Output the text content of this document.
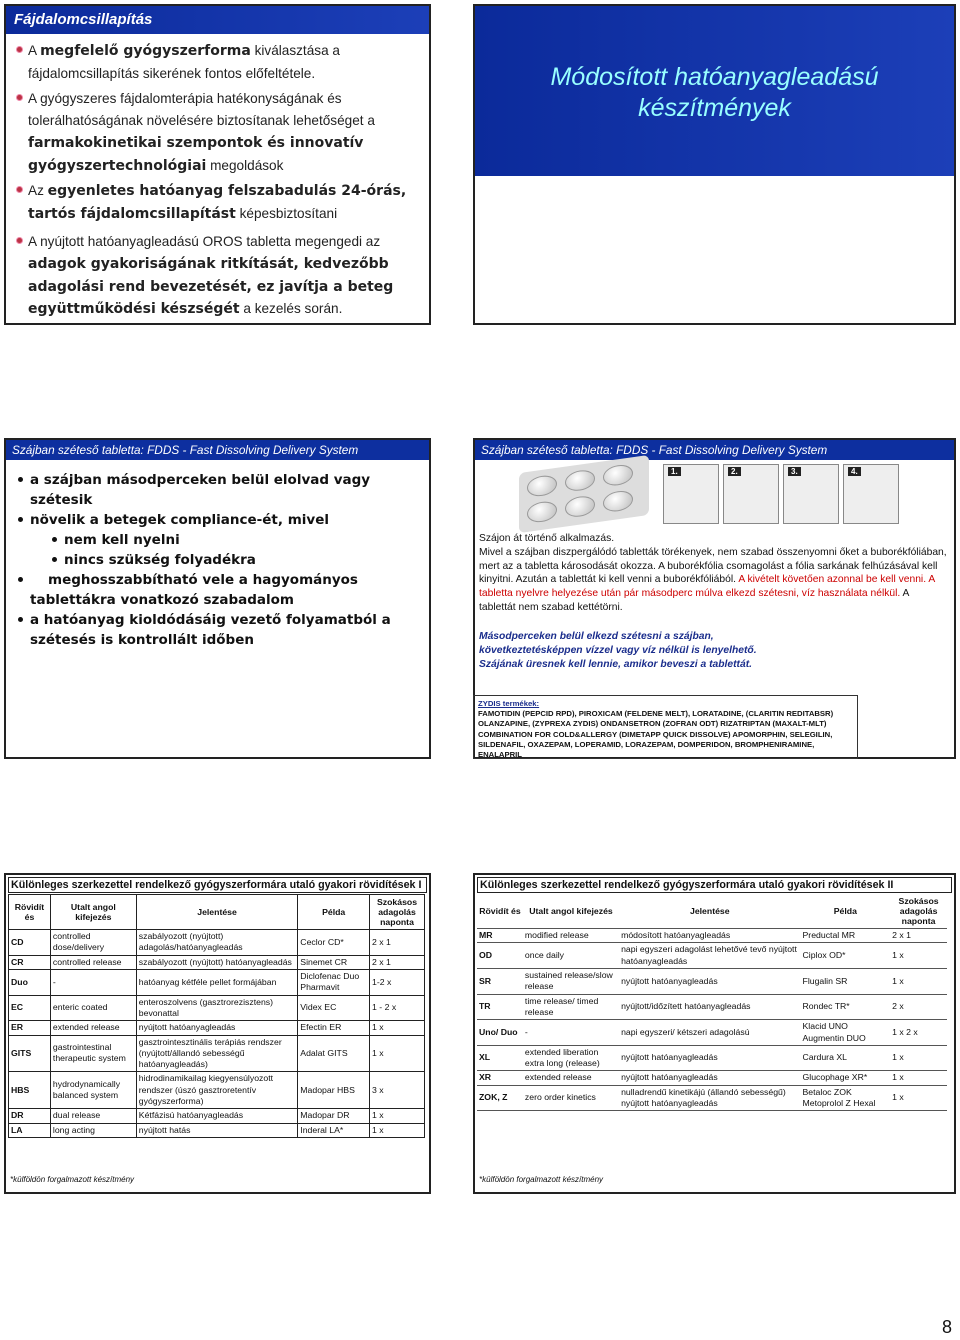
Fájdalomcsillapítás
A megfelelő gyógyszerforma kiválasztása a fájdalomcsillapítás sikerének fontos előfeltétele.
A gyógyszeres fájdalomterápia hatékonyságának és tolerálhatóságának növelésére biztosítanak lehetőséget a farmakokinetikai szempontok és innovatív gyógyszertechnológiai megoldások
Az egyenletes hatóanyag felszabadulás 24-órás, tartós fájdalomcsillapítást képesbiztosítani
A nyújtott hatóanyagleadású OROS tabletta megengedi az adagok gyakoriságának ritkítását, kedvezőbb adagolási rend bevezetését, ez javítja a beteg együttműködési készségét a kezelés során.
Módosított hatóanyagleadású készítmények
Szájban széteső tabletta: FDDS - Fast Dissolving Delivery System
a szájban másodperceken belül elolvad vagy
szétesik
növelik a betegek compliance-ét, mivel
nem kell nyelni
nincs szükség folyadékra
meghosszabbítható vele a hagyományos
tablettákra vonatkozó szabadalom
a hatóanyag kioldódásáig vezető folyamatból a
szétesés is kontrollált időben
Szájban széteső tabletta: FDDS - Fast Dissolving Delivery System
1.	2.	3.	4.
Szájon át történő alkalmazás.
Mivel a szájban diszpergálódó tabletták törékenyek, nem szabad összenyomni őket a buborékfóliában, mert az a tabletta károsodását okozza. A buborékfólia csomagolást a fólia sarkának felhúzásával kell kinyitni. Azután a tablettát ki kell venni a buborékfóliából. A kivételt követően azonnal be kell venni. A tabletta nyelvre helyezése után pár másodperc múlva elkezd szétesni, víz használata nélkül. A tablettát nem szabad kettétörni.
Másodperceken belül elkezd szétesni a szájban,
következtetésképpen vízzel vagy víz nélkül is lenyelhető.
Szájának üresnek kell lennie, amikor beveszi a tablettát.
ZYDIS termékek:
FAMOTIDIN (PEPCID RPD), PIROXICAM (FELDENE MELT), LORATADINE, (CLARITIN REDITABSR) OLANZAPINE, (ZYPREXA ZYDIS) ONDANSETRON (ZOFRAN ODT) RIZATRIPTAN (MAXALT-MLT) COMBINATION FOR COLD&ALLERGY (DIMETAPP QUICK DISSOLVE) APOMORPHIN, SELEGILIN, SILDENAFIL, OXAZEPAM, LOPERAMID, LORAZEPAM, DOMPERIDON, BROMPHENIRAMINE, ENALAPRIL
Különleges szerkezettel rendelkező gyógyszerformára utaló gyakori rövidítések I
Rövidít és	Utalt angol kifejezés	Jelentése	Példa	Szokásos adagolás naponta
CD	controlled dose/delivery	szabályozott (nyújtott) adagolás/hatóanyagleadás	Ceclor CD*	2 x 1
CR	controlled release	szabályozott (nyújtott) hatóanyagleadás	Sinemet CR	2 x 1
Duo	-	hatóanyag kétféle pellet formájában	Diclofenac Duo Pharmavit	1-2 x
EC	enteric coated	enteroszolvens (gasztrorezisztens) bevonattal	Videx EC	1 - 2 x
ER	extended release	nyújtott hatóanyagleadás	Efectin ER	1 x
GITS	gastrointestinal therapeutic system	gasztrointesztinális terápiás rendszer (nyújtott/állandó sebességű hatóanyagleadás)	Adalat GITS	1 x
HBS	hydrodynamically balanced system	hidrodinamikailag kiegyensúlyozott rendszer (úszó gasztroretentív gyógyszerforma)	Madopar HBS	3 x
DR	dual release	Kétfázisú hatóanyagleadás	Madopar DR	1 x
LA	long acting	nyújtott hatás	Inderal LA*	1 x
*külföldön forgalmazott készítmény
Különleges szerkezettel rendelkező gyógyszerformára utaló gyakori rövidítések II
Rövidít és	Utalt angol kifejezés	Jelentése	Példa	Szokásos adagolás naponta
MR	modified release	módosított hatóanyagleadás	Preductal MR	2 x 1
OD	once daily	napi egyszeri adagolást lehetővé tevő nyújtott hatóanyagleadás	Ciplox OD*	1 x
SR	sustained release/slow release	nyújtott hatóanyagleadás	Flugalin SR	1 x
TR	time release/ timed release	nyújtott/időzített hatóanyagleadás	Rondec TR*	2 x
Uno/ Duo	-	napi egyszeri/ kétszeri adagolású	Klacid UNO Augmentin DUO	1 x 2 x
XL	extended liberation extra long (release)	nyújtott hatóanyagleadás	Cardura XL	1 x
XR	extended release	nyújtott hatóanyagleadás	Glucophage XR*	1 x
ZOK, Z	zero order kinetics	nulladrendű kinetikájú (állandó sebességű) nyújtott hatóanyagleadás	Betaloc ZOK Metoprolol Z Hexal	1 x
*külföldön forgalmazott készítmény
8
